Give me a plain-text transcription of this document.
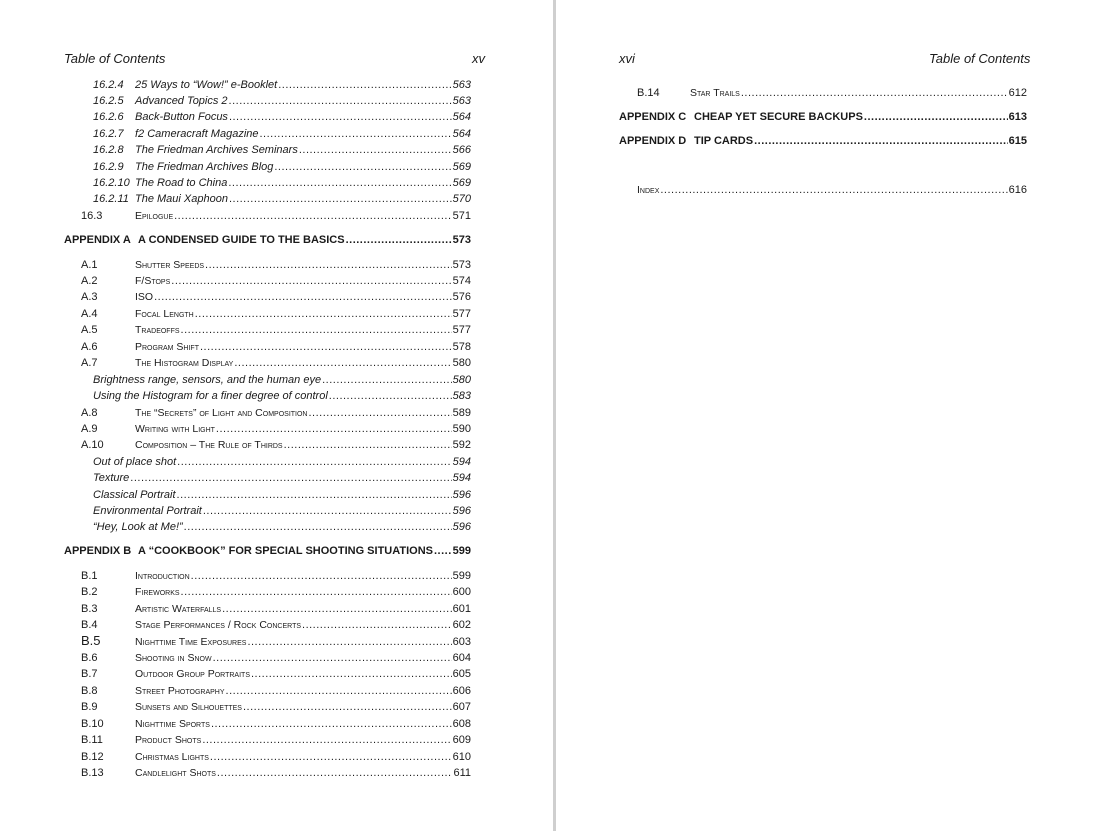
Table of Contents	xv
16.2.4	25 Ways to “Wow!” e-Booklet .....	563
16.2.5	Advanced Topics 2 .....	563
16.2.6	Back-Button Focus .....	564
16.2.7	f2 Cameracraft Magazine .....	564
16.2.8	The Friedman Archives Seminars .....	566
16.2.9	The Friedman Archives Blog .....	569
16.2.10 The Road to China .....	569
16.2.11 The Maui Xaphoon .....	570
16.3	Epilogue .....	571
APPENDIX A A CONDENSED GUIDE TO THE BASICS .....	573
A.1	Shutter Speeds .....	573
A.2	F/Stops .....	574
A.3	ISO .....	576
A.4	Focal Length .....	577
A.5	Tradeoffs .....	577
A.6	Program Shift .....	578
A.7	The Histogram Display .....	580
Brightness range, sensors, and the human eye .....	580
Using the Histogram for a finer degree of control .....	583
A.8	The “Secrets” of Light and Composition .....	589
A.9	Writing with Light .....	590
A.10	Composition – The Rule of Thirds .....	592
Out of place shot .....	594
Texture .....	594
Classical Portrait .....	596
Environmental Portrait .....	596
“Hey, Look at Me!” .....	596
APPENDIX B A “COOKBOOK” FOR SPECIAL SHOOTING SITUATIONS ..... 599
B.1	Introduction .....	599
B.2	Fireworks .....	600
B.3	Artistic Waterfalls .....	601
B.4	Stage Performances / Rock Concerts .....	602
B.5	Nighttime Time Exposures .....	603
B.6	Shooting in Snow .....	604
B.7	Outdoor Group Portraits .....	605
B.8	Street Photography .....	606
B.9	Sunsets and Silhouettes .....	607
B.10	Nighttime Sports .....	608
B.11	Product Shots .....	609
B.12	Christmas Lights .....	610
B.13	Candlelight Shots .....	611
xvi	Table of Contents
B.14	Star Trails .....	612
APPENDIX C CHEAP YET SECURE BACKUPS .....	613
APPENDIX D TIP CARDS .....	615
Index .....	616
